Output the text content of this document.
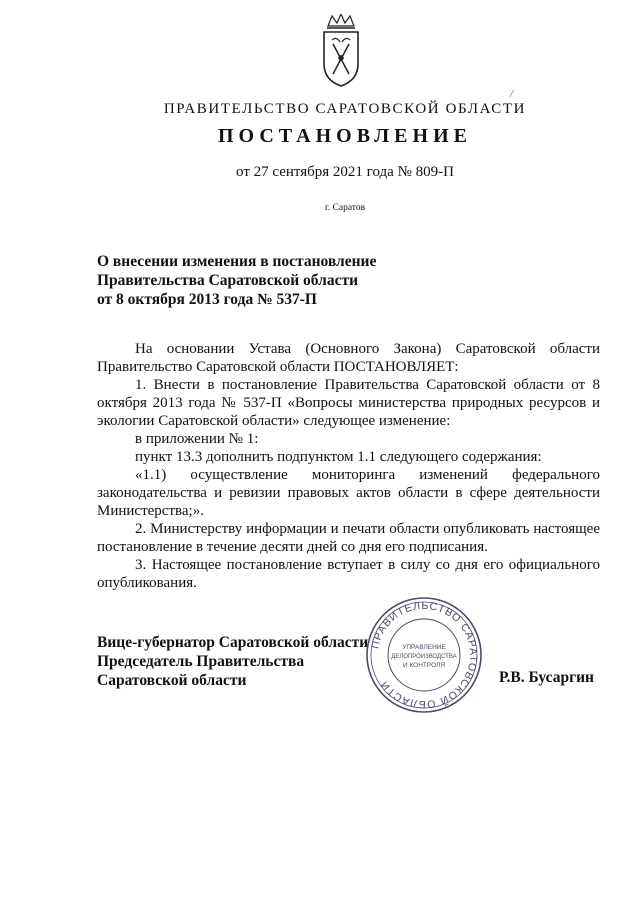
/
ПРАВИТЕЛЬСТВО САРАТОВСКОЙ ОБЛАСТИ
ПОСТАНОВЛЕНИЕ
от 27 сентября 2021 года № 809-П
г. Саратов
О внесении изменения в постановление
Правительства Саратовской области
от 8 октября 2013 года № 537-П

На основании Устава (Основного Закона) Саратовской области Правительство Саратовской области ПОСТАНОВЛЯЕТ:

1. Внести в постановление Правительства Саратовской области от 8 октября 2013 года № 537-П «Вопросы министерства природных ресурсов и экологии Саратовской области» следующее изменение:

в приложении № 1:

пункт 13.3 дополнить подпунктом 1.1 следующего содержания:

«1.1) осуществление мониторинга изменений федерального законодательства и ревизии правовых актов области в сфере деятельности Министерства;».

2. Министерству информации и печати области опубликовать настоящее постановление в течение десяти дней со дня его подписания.

3. Настоящее постановление вступает в силу со дня его официального опубликования.

Вице-губернатор Саратовской области
Председатель Правительства
Саратовской области
ПРАВИТЕЛЬСТВО САРАТОВСКОЙ ОБЛАСТИ
УПРАВЛЕНИЕ
ДЕЛОПРОИЗВОДСТВА
И КОНТРОЛЯ
Р.В. Бусаргин
